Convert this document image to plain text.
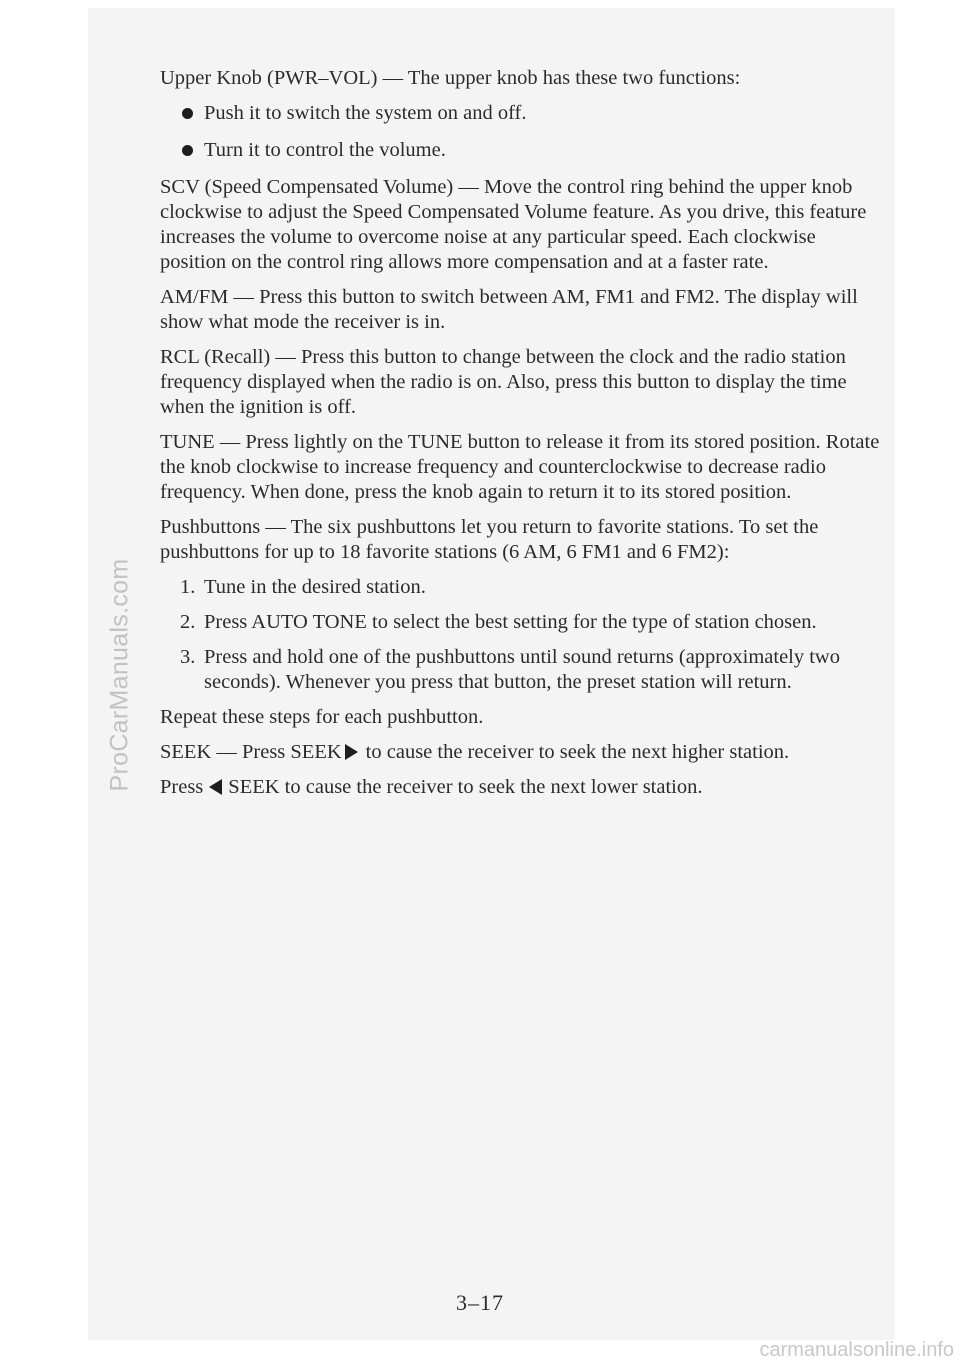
ProCarManuals.com

Upper Knob (PWR–VOL) — The upper knob has these two functions:

Push it to switch the system on and off.
Turn it to control the volume.

SCV (Speed Compensated Volume) — Move the control ring behind the upper knob clockwise to adjust the Speed Compensated Volume feature. As you drive, this feature increases the volume to overcome noise at any particular speed. Each clockwise position on the control ring allows more compensation and at a faster rate.

AM/FM — Press this button to switch between AM, FM1 and FM2. The display will show what mode the receiver is in.

RCL (Recall) — Press this button to change between the clock and the radio station frequency displayed when the radio is on. Also, press this button to display the time when the ignition is off.

TUNE — Press lightly on the TUNE button to release it from its stored position. Rotate the knob clockwise to increase frequency and counterclockwise to decrease radio frequency. When done, press the knob again to return it to its stored position.

Pushbuttons — The six pushbuttons let you return to favorite stations. To set the pushbuttons for up to 18 favorite stations (6 AM, 6 FM1 and 6 FM2):

1. Tune in the desired station.
2. Press AUTO TONE to select the best setting for the type of station chosen.
3. Press and hold one of the pushbuttons until sound returns (approximately two seconds). Whenever you press that button, the preset station will return.

Repeat these steps for each pushbutton.

SEEK — Press SEEK to cause the receiver to seek the next higher station.

Press SEEK to cause the receiver to seek the next lower station.

3–17
carmanualsonline.info
